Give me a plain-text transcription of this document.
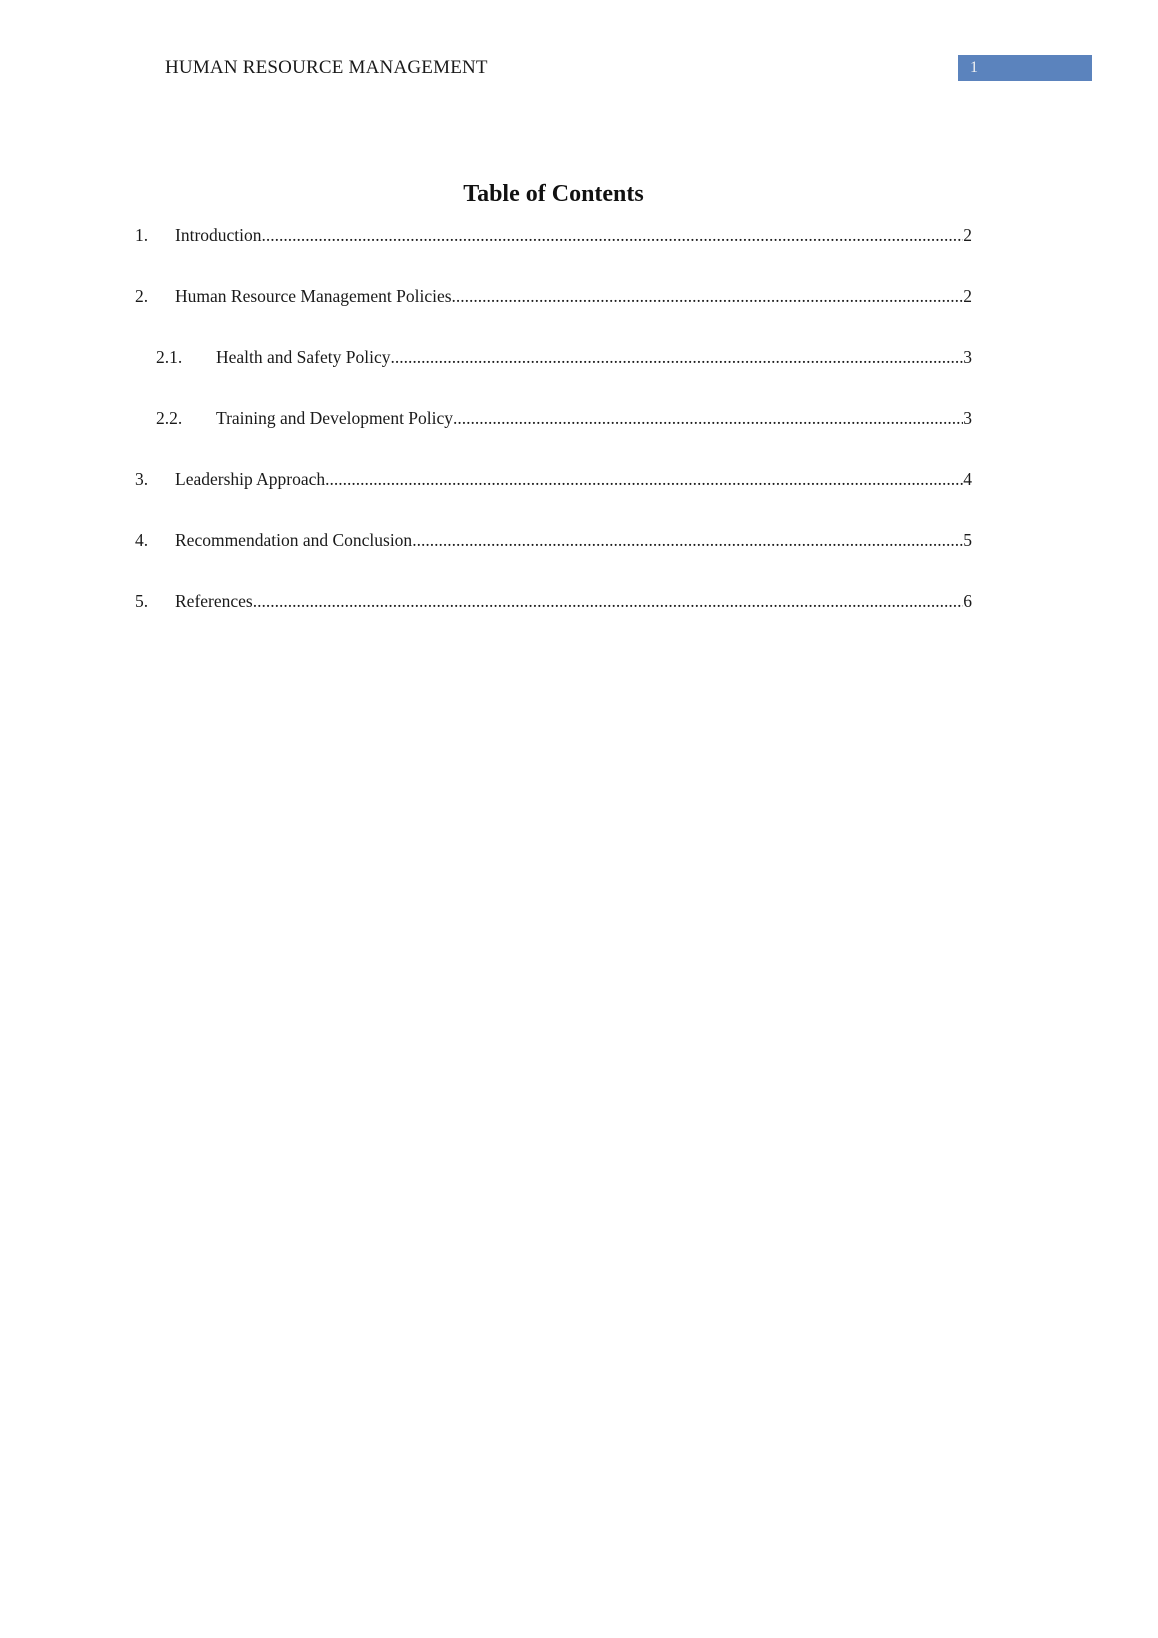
HUMAN RESOURCE MANAGEMENT	1
Table of Contents
1.	Introduction .....	2
2.	Human Resource Management Policies .....	2
2.1.	Health and Safety Policy .....	3
2.2.	Training and Development Policy .....	3
3.	Leadership Approach .....	4
4.	Recommendation and Conclusion .....	5
5.	References .....	6
